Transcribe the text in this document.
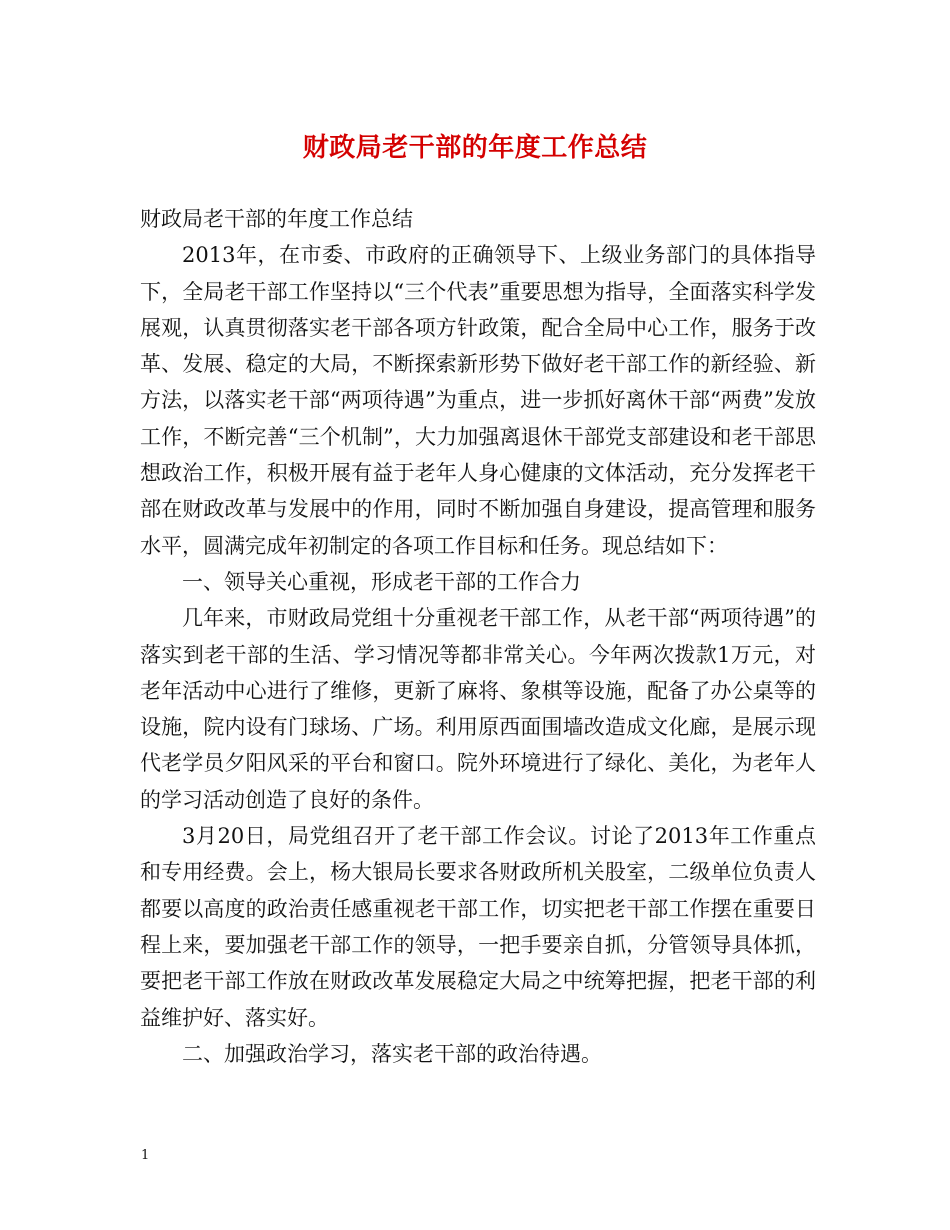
财政局老干部的年度工作总结

财政局老干部的年度工作总结

2013年，在市委、市政府的正确领导下、上级业务部门的具体指导下，全局老干部工作坚持以“三个代表”重要思想为指导，全面落实科学发展观，认真贯彻落实老干部各项方针政策，配合全局中心工作，服务于改革、发展、稳定的大局，不断探索新形势下做好老干部工作的新经验、新方法，以落实老干部“两项待遇”为重点，进一步抓好离休干部“两费”发放工作，不断完善“三个机制”，大力加强离退休干部党支部建设和老干部思想政治工作，积极开展有益于老年人身心健康的文体活动，充分发挥老干部在财政改革与发展中的作用，同时不断加强自身建设，提高管理和服务水平，圆满完成年初制定的各项工作目标和任务。现总结如下：

一、领导关心重视，形成老干部的工作合力

几年来，市财政局党组十分重视老干部工作，从老干部“两项待遇”的落实到老干部的生活、学习情况等都非常关心。今年两次拨款1万元，对老年活动中心进行了维修，更新了麻将、象棋等设施，配备了办公桌等的设施，院内设有门球场、广场。利用原西面围墙改造成文化廊，是展示现代老学员夕阳风采的平台和窗口。院外环境进行了绿化、美化，为老年人的学习活动创造了良好的条件。

3月20日，局党组召开了老干部工作会议。讨论了2013年工作重点和专用经费。会上，杨大银局长要求各财政所机关股室，二级单位负责人都要以高度的政治责任感重视老干部工作，切实把老干部工作摆在重要日程上来，要加强老干部工作的领导，一把手要亲自抓，分管领导具体抓，要把老干部工作放在财政改革发展稳定大局之中统筹把握，把老干部的利益维护好、落实好。

二、加强政治学习，落实老干部的政治待遇。

1
